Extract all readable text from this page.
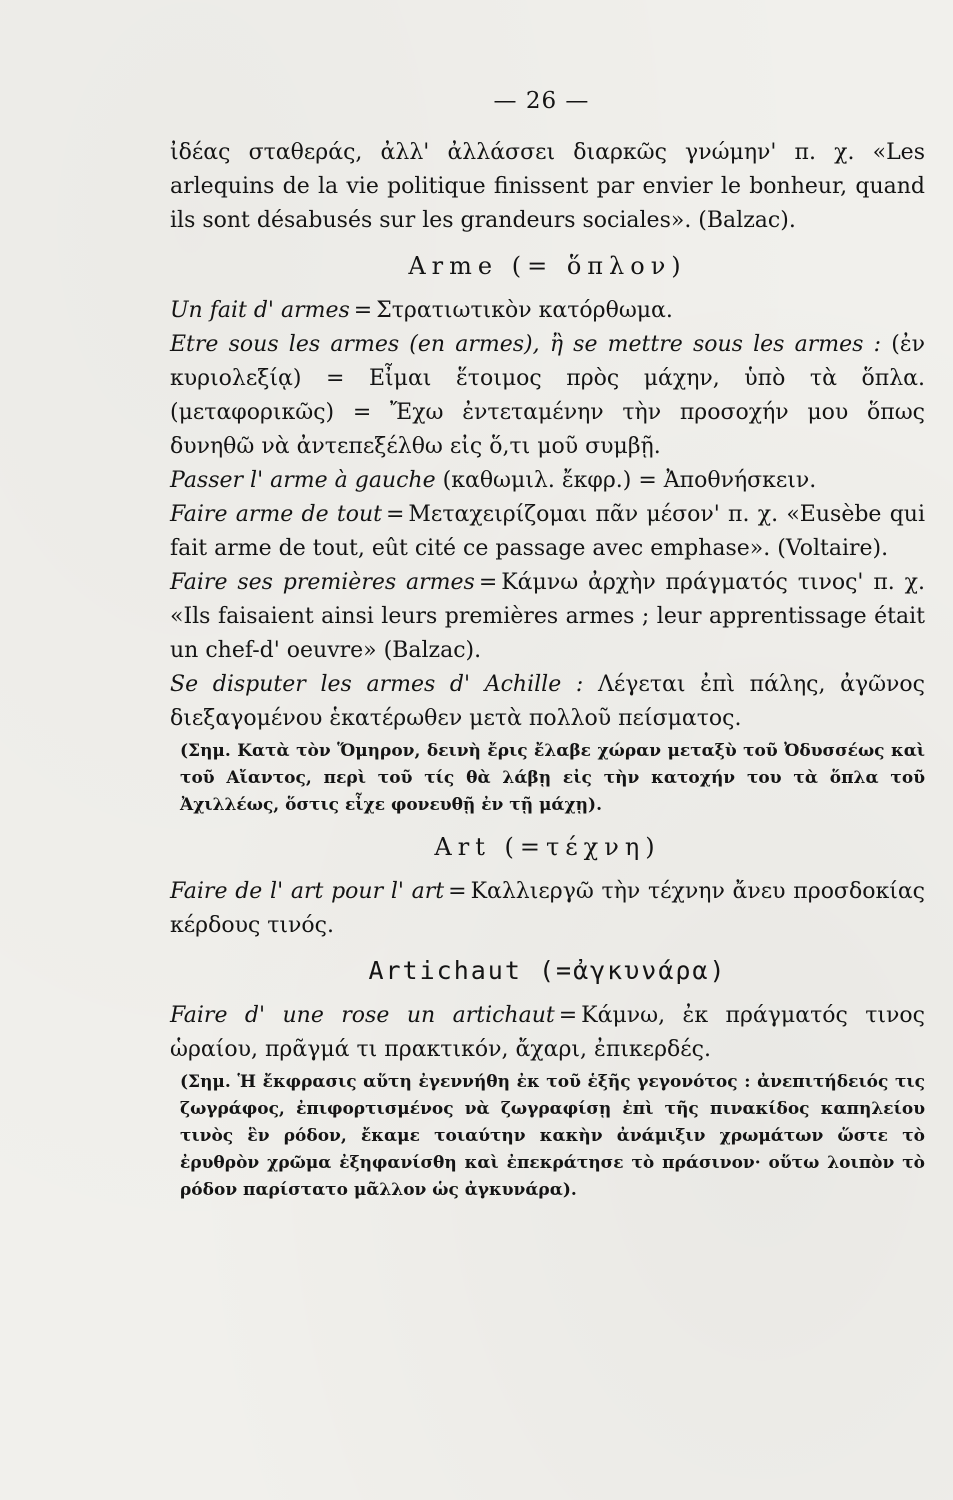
— 26 —

ἰδέας σταθεράς, ἀλλ' ἀλλάσσει διαρκῶς γνώμην' π. χ. «Les arlequins de la vie politique finissent par envier le bonheur, quand ils sont désabusés sur les grandeurs sociales». (Balzac).

Arme (= ὅπλον)

Un fait d' armes = Στρατιωτικὸν κατόρθωμα.

Etre sous les armes (en armes), ἢ se mettre sous les armes : (ἐν κυριολεξίᾳ) = Εἶμαι ἕτοιμος πρὸς μάχην, ὑπὸ τὰ ὅπλα. (μεταφορικῶς) = Ἔχω ἐντεταμένην τὴν προσοχήν μου ὅπως δυνηθῶ νὰ ἀντεπεξέλθω εἰς ὅ,τι μοῦ συμβῇ.

Passer l' arme à gauche (καθωμιλ. ἔκφρ.) = Ἀποθνήσκειν.

Faire arme de tout = Μεταχειρίζομαι πᾶν μέσον' π. χ. «Eusèbe qui fait arme de tout, eût cité ce passage avec emphase». (Voltaire).

Faire ses premières armes = Κάμνω ἀρχὴν πράγματός τινος' π. χ. «Ils faisaient ainsi leurs premières armes ; leur apprentissage était un chef-d' oeuvre» (Balzac).

Se disputer les armes d' Achille : Λέγεται ἐπὶ πάλης, ἀγῶνος διεξαγομένου ἑκατέρωθεν μετὰ πολλοῦ πείσματος.

(Σημ. Κατὰ τὸν Ὅμηρον, δεινὴ ἔρις ἔλαβε χώραν μεταξὺ τοῦ Ὀδυσσέως καὶ τοῦ Αἴαντος, περὶ τοῦ τίς θὰ λάβῃ εἰς τὴν κατοχήν του τὰ ὅπλα τοῦ Ἀχιλλέως, ὅστις εἶχε φονευθῇ ἐν τῇ μάχῃ).

Art (=τέχνη)

Faire de l' art pour l' art = Καλλιεργῶ τὴν τέχνην ἄνευ προσδοκίας κέρδους τινός.

Artichaut (=ἀγκυνάρα)

Faire d' une rose un artichaut = Κάμνω, ἐκ πράγματός τινος ὡραίου, πρᾶγμά τι πρακτικόν, ἄχαρι, ἐπικερδές.

(Σημ. Ἡ ἔκφρασις αὕτη ἐγεννήθη ἐκ τοῦ ἑξῆς γεγονότος : ἀνεπιτήδειός τις ζωγράφος, ἐπιφορτισμένος νὰ ζωγραφίσῃ ἐπὶ τῆς πινακίδος καπηλείου τινὸς ἓν ρόδον, ἔκαμε τοιαύτην κακὴν ἀνάμιξιν χρωμάτων ὥστε τὸ ἐρυθρὸν χρῶμα ἐξηφανίσθη καὶ ἐπεκράτησε τὸ πράσινον· οὕτω λοιπὸν τὸ ρόδον παρίστατο μᾶλλον ὡς ἀγκυνάρα).
